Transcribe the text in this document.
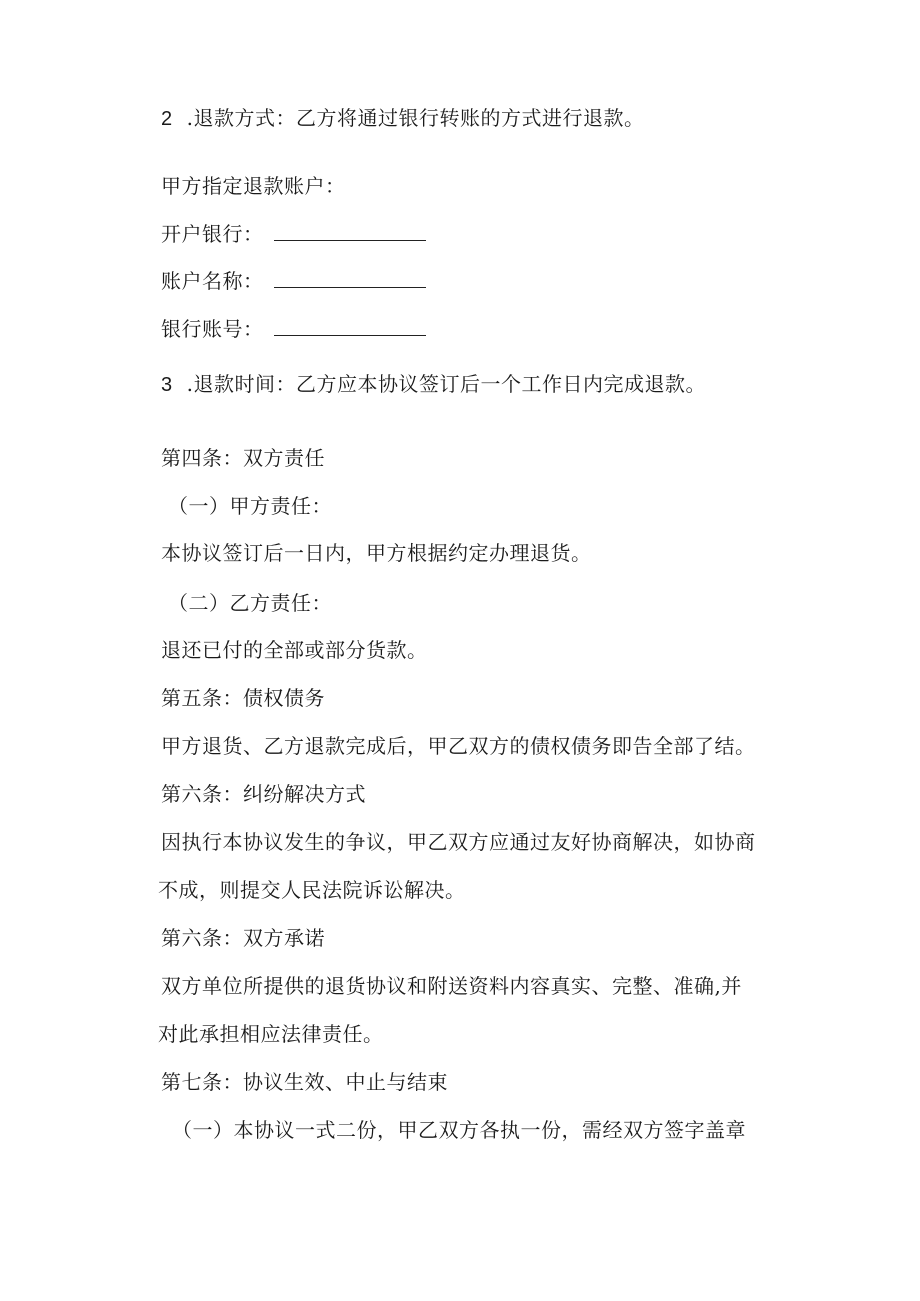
2 .退款方式：乙方将通过银行转账的方式进行退款。
甲方指定退款账户：
开户银行：
账户名称：
银行账号：
3 .退款时间：乙方应本协议签订后一个工作日内完成退款。
第四条：双方责任
（一）甲方责任：
本协议签订后一日内，甲方根据约定办理退货。
（二）乙方责任：
退还已付的全部或部分货款。
第五条：债权债务
甲方退货、乙方退款完成后，甲乙双方的债权债务即告全部了结。
第六条：纠纷解决方式
因执行本协议发生的争议，甲乙双方应通过友好协商解决，如协商
不成，则提交人民法院诉讼解决。
第六条：双方承诺
双方单位所提供的退货协议和附送资料内容真实、完整、准确,并
对此承担相应法律责任。
第七条：协议生效、中止与结束
（一）本协议一式二份，甲乙双方各执一份，需经双方签字盖章
